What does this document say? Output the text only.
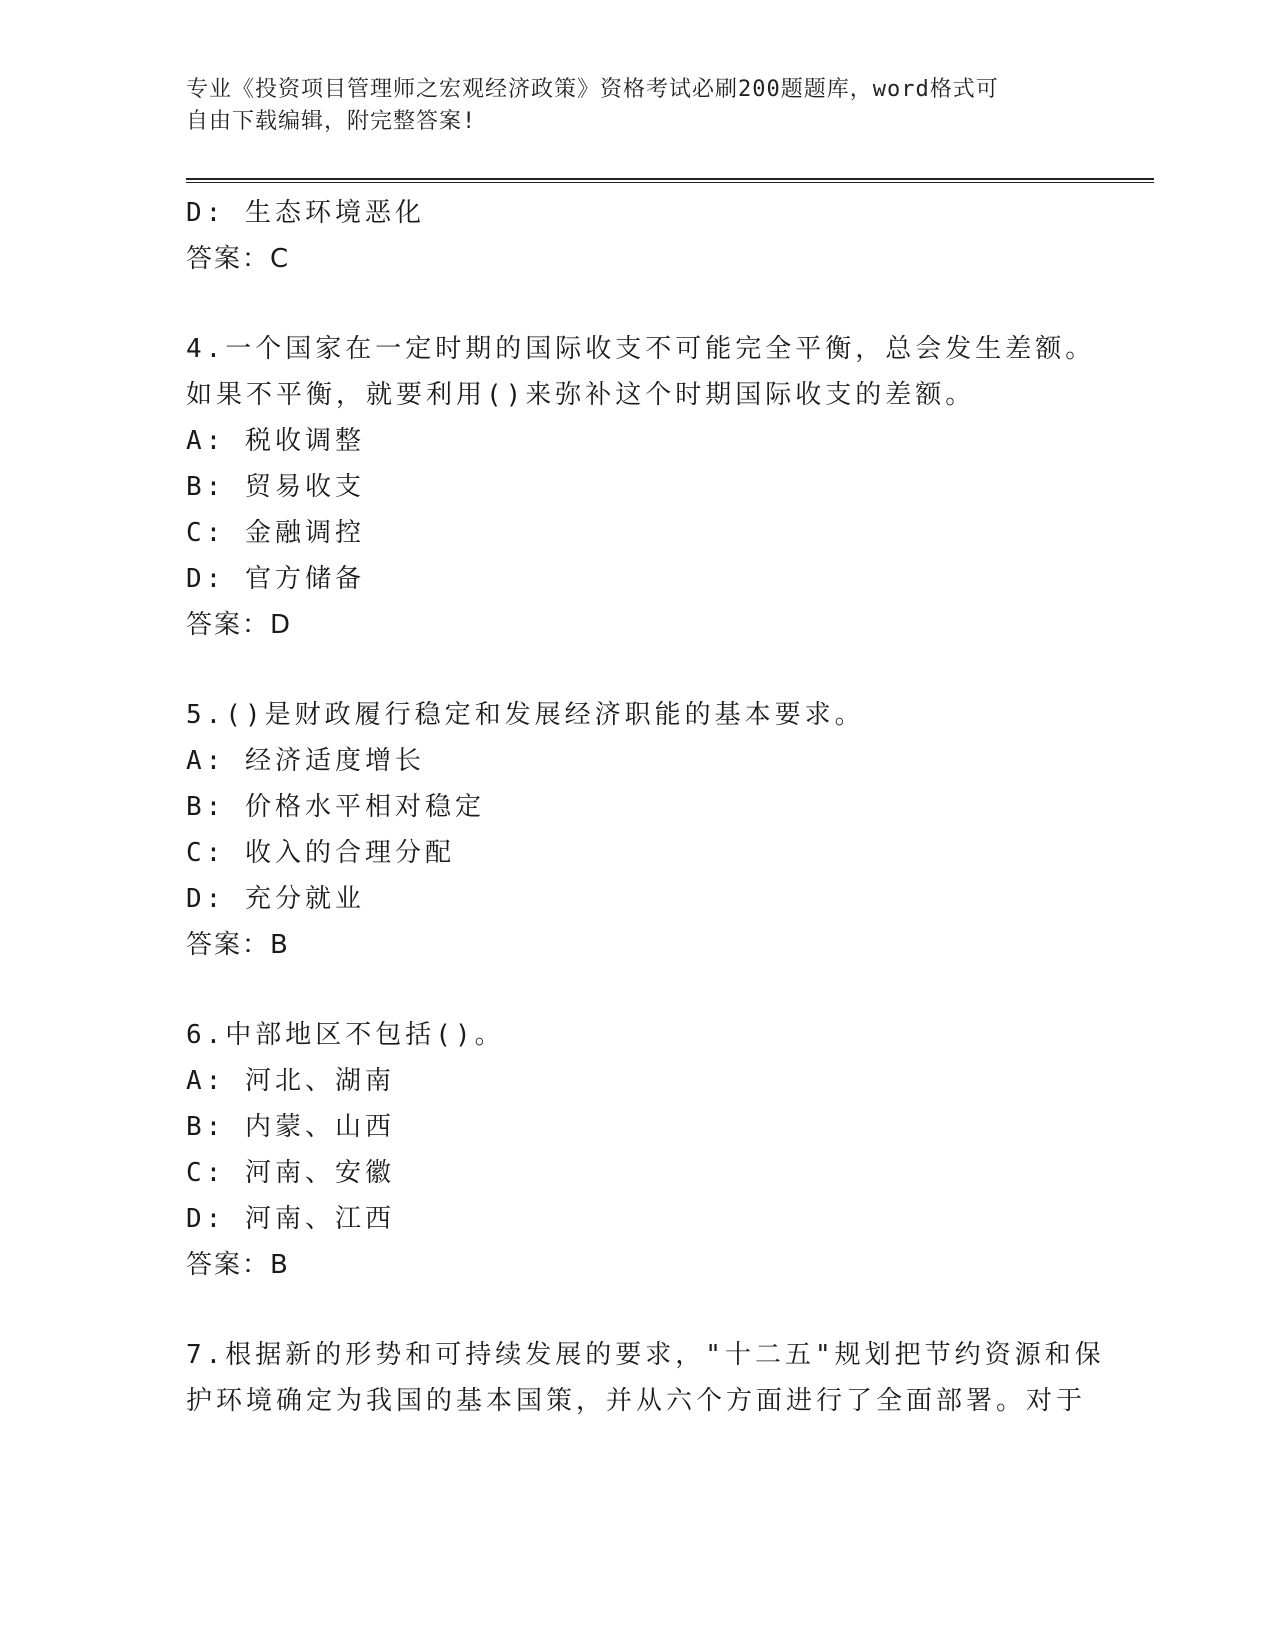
专业《投资项目管理师之宏观经济政策》资格考试必刷200题题库，word格式可
自由下载编辑，附完整答案!
D: 生态环境恶化
答案：C
4.一个国家在一定时期的国际收支不可能完全平衡，总会发生差额。
如果不平衡，就要利用()来弥补这个时期国际收支的差额。
A: 税收调整
B: 贸易收支
C: 金融调控
D: 官方储备
答案：D
5.()是财政履行稳定和发展经济职能的基本要求。
A: 经济适度增长
B: 价格水平相对稳定
C: 收入的合理分配
D: 充分就业
答案：B
6.中部地区不包括()。
A: 河北、湖南
B: 内蒙、山西
C: 河南、安徽
D: 河南、江西
答案：B
7.根据新的形势和可持续发展的要求，"十二五"规划把节约资源和保
护环境确定为我国的基本国策，并从六个方面进行了全面部署。对于
